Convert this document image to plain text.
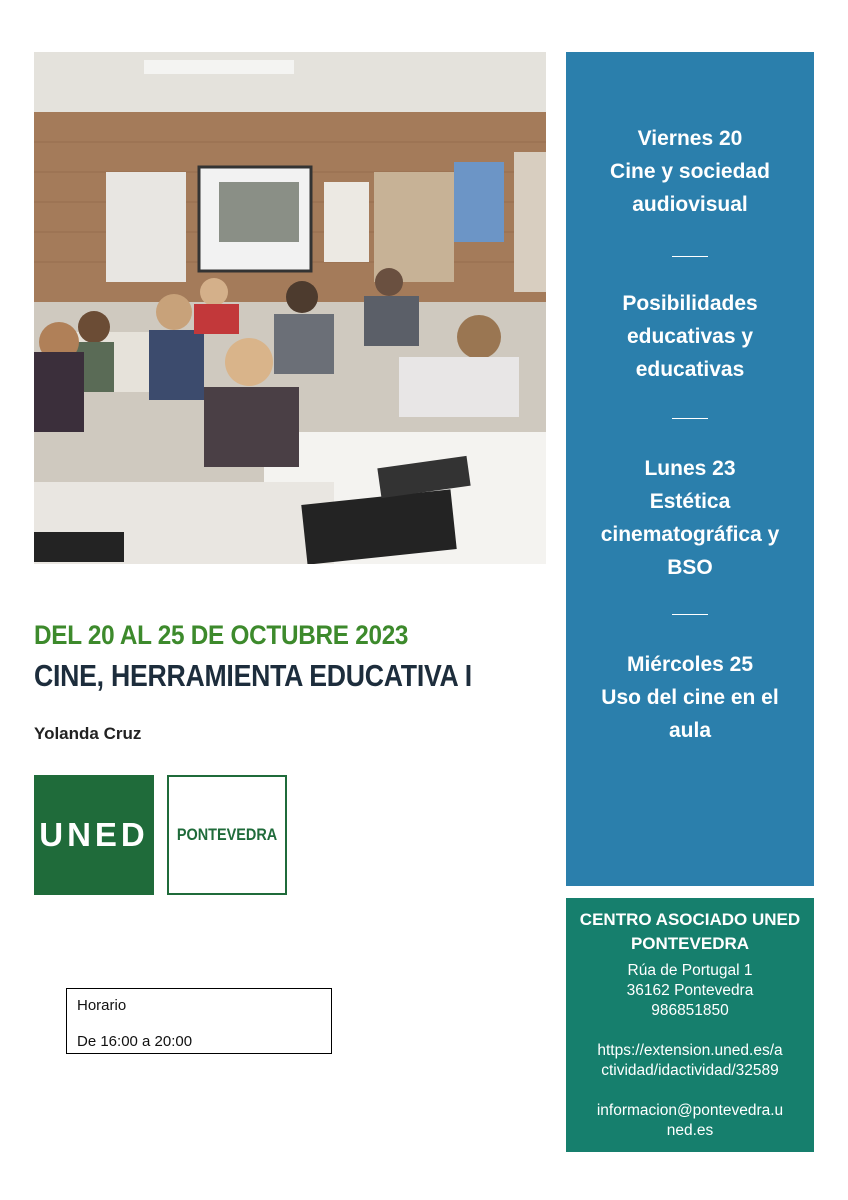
Viernes 20
Cine y sociedad
audiovisual
Posibilidades
educativas y
educativas
Lunes 23
Estética
cinematográfica y
BSO
Miércoles 25
Uso del cine en el
aula
CENTRO ASOCIADO UNED
PONTEVEDRA
Rúa de Portugal 1
36162 Pontevedra
986851850
https://extension.uned.es/a
ctividad/idactividad/32589
informacion@pontevedra.u
ned.es
DEL 20 AL 25 DE OCTUBRE 2023
CINE, HERRAMIENTA EDUCATIVA I
Yolanda Cruz
UNED PONTEVEDRA
Horario
De 16:00 a 20:00
